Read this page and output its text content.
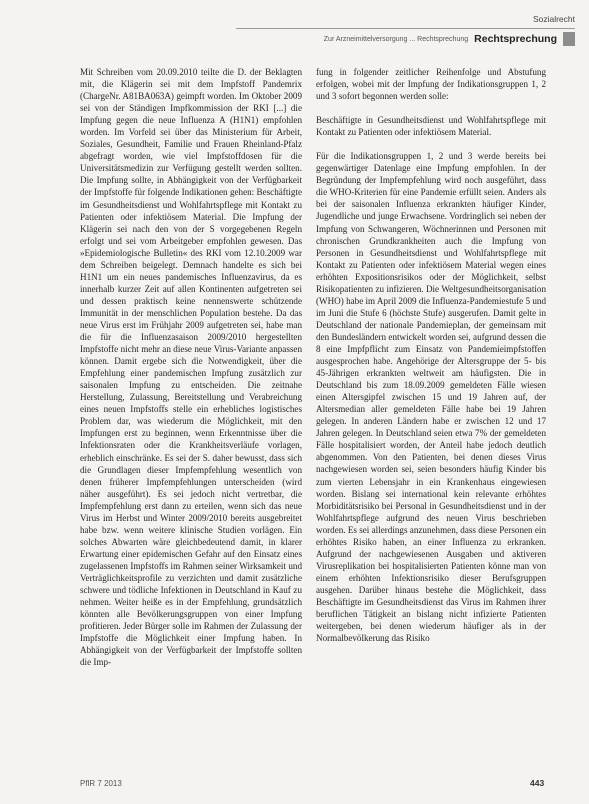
Sozialrecht
Zur Arzneimittelversorgung ... Rechtsprechung Rechtsprechung

Mit Schreiben vom 20.09.2010 teilte die D. der Beklagten mit, die Klägerin sei mit dem Impfstoff Pandemrix (ChargeNr. A81BA063A) geimpft worden. Im Oktober 2009 sei von der Ständigen Impfkommission der RKI [...] die Impfung gegen die neue Influenza A (H1N1) empfohlen worden. Im Vorfeld sei über das Ministerium für Arbeit, Soziales, Gesundheit, Familie und Frauen Rheinland-Pfalz abgefragt worden, wie viel Impfstoffdosen für die Universitätsmedizin zur Verfügung gestellt werden sollten. Die Impfung sollte, in Abhängigkeit von der Verfügbarkeit der Impfstoffe für folgende Indikationen gehen: Beschäftigte im Gesundheitsdienst und Wohlfahrtspflege mit Kontakt zu Patienten oder infektiösem Material. Die Impfung der Klägerin sei nach den von der S vorgegebenen Regeln erfolgt und sei vom Arbeitgeber empfohlen gewesen. Das »Epidemiologische Bulletin« des RKI vom 12.10.2009 war dem Schreiben beigelegt. Demnach handelte es sich bei H1N1 um ein neues pandemisches Influenzavirus, da es innerhalb kurzer Zeit auf allen Kontinenten aufgetreten sei und dessen praktisch keine nennenswerte schützende Immunität in der menschlichen Population bestehe. Da das neue Virus erst im Frühjahr 2009 aufgetreten sei, habe man die für die Influenzasaison 2009/2010 hergestellten Impfstoffe nicht mehr an diese neue Virus-Variante anpassen können. Damit ergebe sich die Notwendigkeit, über die Empfehlung einer pandemischen Impfung zusätzlich zur saisonalen Impfung zu entscheiden. Die zeitnahe Herstellung, Zulassung, Bereitstellung und Verabreichung eines neuen Impfstoffs stelle ein erhebliches logistisches Problem dar, was wiederum die Möglichkeit, mit den Impfungen erst zu beginnen, wenn Erkenntnisse über die Infektionsraten oder die Krankheitsverläufe vorlagen, erheblich einschränke. Es sei der S. daher bewusst, dass sich die Grundlagen dieser Impfempfehlung wesentlich von denen früherer Impfempfehlungen unterscheiden (wird näher ausgeführt). Es sei jedoch nicht vertretbar, die Impfempfehlung erst dann zu erteilen, wenn sich das neue Virus im Herbst und Winter 2009/2010 bereits ausgebreitet habe bzw. wenn weitere klinische Studien vorlägen. Ein solches Abwarten wäre gleichbedeutend damit, in klarer Erwartung einer epidemischen Gefahr auf den Einsatz eines zugelassenen Impfstoffs im Rahmen seiner Wirksamkeit und Verträglichkeitsprofile zu verzichten und damit zusätzliche schwere und tödliche Infektionen in Deutschland in Kauf zu nehmen. Weiter heiße es in der Empfehlung, grundsätzlich könnten alle Bevölkerungsgruppen von einer Impfung profitieren. Jeder Bürger solle im Rahmen der Zulassung der Impfstoffe die Möglichkeit einer Impfung haben. In Abhängigkeit von der Verfügbarkeit der Impfstoffe sollten die Imp-

fung in folgender zeitlicher Reihenfolge und Abstufung erfolgen, wobei mit der Impfung der Indikationsgruppen 1, 2 und 3 sofort begonnen werden solle:

Beschäftigte in Gesundheitsdienst und Wohlfahrtspflege mit Kontakt zu Patienten oder infektiösem Material.

Für die Indikationsgruppen 1, 2 und 3 werde bereits bei gegenwärtiger Datenlage eine Impfung empfohlen. In der Begründung der Impfempfehlung wird noch ausgeführt, dass die WHO-Kriterien für eine Pandemie erfüllt seien. Anders als bei der saisonalen Influenza erkrankten häufiger Kinder, Jugendliche und junge Erwachsene. Vordringlich sei neben der Impfung von Schwangeren, Wöchnerinnen und Personen mit chronischen Grundkrankheiten auch die Impfung von Personen in Gesundheitsdienst und Wohlfahrtspflege mit Kontakt zu Patienten oder infektiösem Material wegen eines erhöhten Expositionsrisikos oder der Möglichkeit, selbst Risikopatienten zu infizieren. Die Weltgesundheitsorganisation (WHO) habe im April 2009 die Influenza-Pandemiestufe 5 und im Juni die Stufe 6 (höchste Stufe) ausgerufen. Damit gelte in Deutschland der nationale Pandemieplan, der gemeinsam mit den Bundesländern entwickelt worden sei, aufgrund dessen die 8 eine Impfpflicht zum Einsatz von Pandemieimpfstoffen ausgesprochen habe. Angehörige der Altersgruppe der 5- bis 45-Jährigen erkrankten weltweit am häufigsten. Die in Deutschland bis zum 18.09.2009 gemeldeten Fälle wiesen einen Altersgipfel zwischen 15 und 19 Jahren auf, der Altersmedian aller gemeldeten Fälle habe bei 19 Jahren gelegen. In anderen Ländern habe er zwischen 12 und 17 Jahren gelegen. In Deutschland seien etwa 7% der gemeldeten Fälle hospitalisiert worden, der Anteil habe jedoch deutlich abgenommen. Von den Patienten, bei denen dieses Virus nachgewiesen worden sei, seien besonders häufig Kinder bis zum vierten Lebensjahr in ein Krankenhaus eingewiesen worden. Bislang sei international kein relevante erhöhtes Morbiditätsrisiko bei Personal in Gesundheitsdienst und in der Wohlfahrtspflege aufgrund des neuen Virus beschrieben worden. Es sei allerdings anzunehmen, dass diese Personen ein erhöhtes Risiko haben, an einer Influenza zu erkranken. Aufgrund der nachgewiesenen Ausgaben und aktiveren Virusreplikation bei hospitalisierten Patienten könne man von einem erhöhten Infektionsrisiko dieser Berufsgruppen ausgehen. Darüber hinaus bestehe die Möglichkeit, dass Beschäftigte im Gesundheitsdienst das Virus im Rahmen ihrer beruflichen Tätigkeit an bislang nicht infizierte Patienten weitergeben, bei denen wiederum häufiger als in der Normalbevölkerung das Risiko

PflR 7 2013	443
